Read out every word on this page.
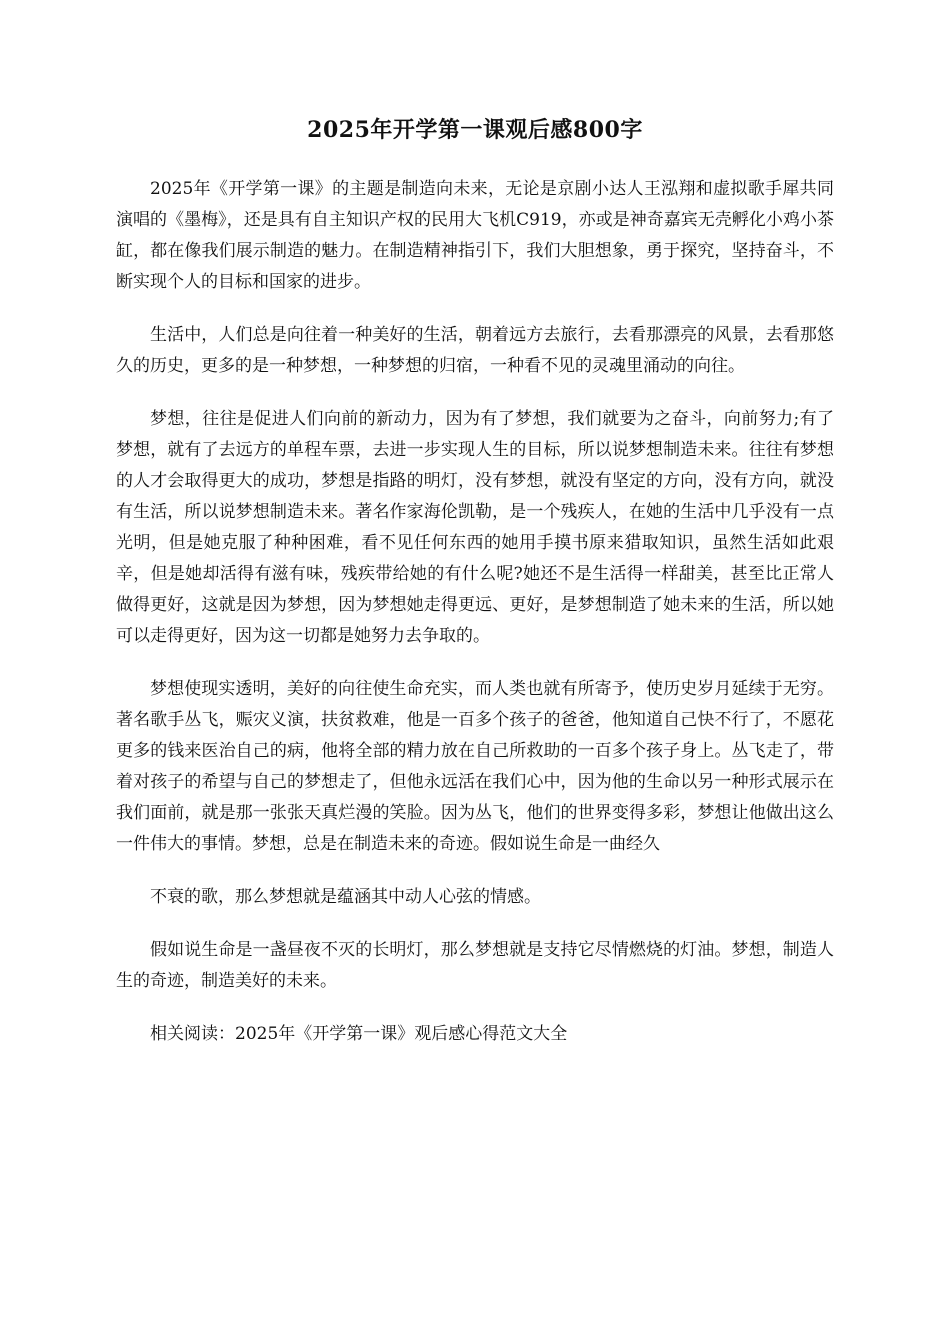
2025年开学第一课观后感800字

2025年《开学第一课》的主题是制造向未来，无论是京剧小达人王泓翔和虚拟歌手犀共同演唱的《墨梅》，还是具有自主知识产权的民用大飞机C919，亦或是神奇嘉宾无壳孵化小鸡小茶缸，都在像我们展示制造的魅力。在制造精神指引下，我们大胆想象，勇于探究，坚持奋斗，不断实现个人的目标和国家的进步。

生活中，人们总是向往着一种美好的生活，朝着远方去旅行，去看那漂亮的风景，去看那悠久的历史，更多的是一种梦想，一种梦想的归宿，一种看不见的灵魂里涌动的向往。

梦想，往往是促进人们向前的新动力，因为有了梦想，我们就要为之奋斗，向前努力;有了梦想，就有了去远方的单程车票，去进一步实现人生的目标，所以说梦想制造未来。往往有梦想的人才会取得更大的成功，梦想是指路的明灯，没有梦想，就没有坚定的方向，没有方向，就没有生活，所以说梦想制造未来。著名作家海伦凯勒，是一个残疾人，在她的生活中几乎没有一点光明，但是她克服了种种困难，看不见任何东西的她用手摸书原来猎取知识，虽然生活如此艰辛，但是她却活得有滋有味，残疾带给她的有什么呢?她还不是生活得一样甜美，甚至比正常人做得更好，这就是因为梦想，因为梦想她走得更远、更好，是梦想制造了她未来的生活，所以她可以走得更好，因为这一切都是她努力去争取的。

梦想使现实透明，美好的向往使生命充实，而人类也就有所寄予，使历史岁月延续于无穷。著名歌手丛飞，赈灾义演，扶贫救难，他是一百多个孩子的爸爸，他知道自己快不行了，不愿花更多的钱来医治自己的病，他将全部的精力放在自己所救助的一百多个孩子身上。丛飞走了，带着对孩子的希望与自己的梦想走了，但他永远活在我们心中，因为他的生命以另一种形式展示在我们面前，就是那一张张天真烂漫的笑脸。因为丛飞，他们的世界变得多彩，梦想让他做出这么一件伟大的事情。梦想，总是在制造未来的奇迹。假如说生命是一曲经久

不衰的歌，那么梦想就是蕴涵其中动人心弦的情感。

假如说生命是一盏昼夜不灭的长明灯，那么梦想就是支持它尽情燃烧的灯油。梦想，制造人生的奇迹，制造美好的未来。

相关阅读：2025年《开学第一课》观后感心得范文大全
